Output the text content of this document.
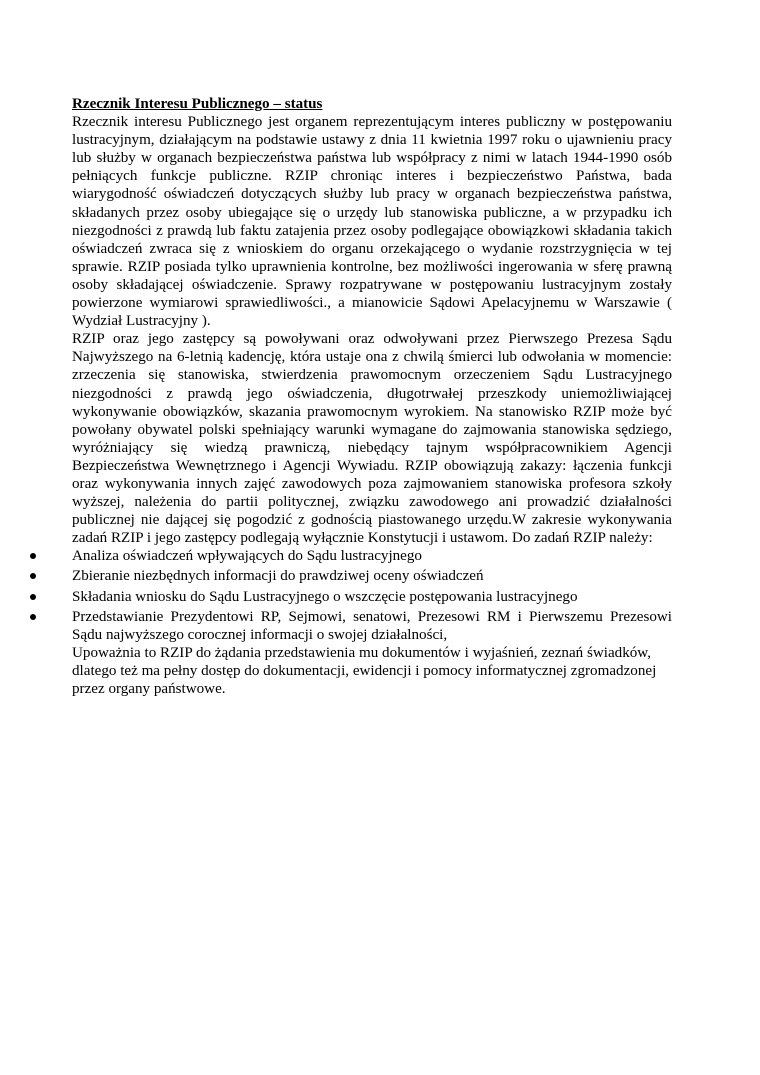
Rzecznik Interesu Publicznego – status

Rzecznik interesu Publicznego jest organem reprezentującym interes publiczny w postępowaniu lustracyjnym, działającym na podstawie ustawy z dnia 11 kwietnia 1997 roku o ujawnieniu pracy lub służby w organach bezpieczeństwa państwa lub współpracy z nimi w latach 1944-1990 osób pełniących funkcje publiczne. RZIP chroniąc interes i bezpieczeństwo Państwa, bada wiarygodność oświadczeń dotyczących służby lub pracy w organach bezpieczeństwa państwa, składanych przez osoby ubiegające się o urzędy lub stanowiska publiczne, a w przypadku ich niezgodności z prawdą lub faktu zatajenia przez osoby podlegające obowiązkowi składania takich oświadczeń zwraca się z wnioskiem do organu orzekającego o wydanie rozstrzygnięcia w tej sprawie. RZIP posiada tylko uprawnienia kontrolne, bez możliwości ingerowania w sferę prawną osoby składającej oświadczenie. Sprawy rozpatrywane w postępowaniu lustracyjnym zostały powierzone wymiarowi sprawiedliwości., a mianowicie Sądowi Apelacyjnemu w Warszawie ( Wydział Lustracyjny ).

RZIP oraz jego zastępcy są powoływani oraz odwoływani przez Pierwszego Prezesa Sądu Najwyższego na 6-letnią kadencję, która ustaje ona z chwilą śmierci lub odwołania w momencie: zrzeczenia się stanowiska, stwierdzenia prawomocnym orzeczeniem Sądu Lustracyjnego niezgodności z prawdą jego oświadczenia, długotrwałej przeszkody uniemożliwiającej wykonywanie obowiązków, skazania prawomocnym wyrokiem. Na stanowisko RZIP może być powołany obywatel polski spełniający warunki wymagane do zajmowania stanowiska sędziego, wyróżniający się wiedzą prawniczą, niebędący tajnym współpracownikiem Agencji Bezpieczeństwa Wewnętrznego i Agencji Wywiadu. RZIP obowiązują zakazy: łączenia funkcji oraz wykonywania innych zajęć zawodowych poza zajmowaniem stanowiska profesora szkoły wyższej, należenia do partii politycznej, związku zawodowego ani prowadzić działalności publicznej nie dającej się pogodzić z godnością piastowanego urzędu.W zakresie wykonywania zadań RZIP i jego zastępcy podlegają wyłącznie Konstytucji i ustawom. Do zadań RZIP należy:

Analiza oświadczeń wpływających do Sądu lustracyjnego
Zbieranie niezbędnych informacji do prawdziwej oceny oświadczeń
Składania wniosku do Sądu Lustracyjnego o wszczęcie postępowania lustracyjnego
Przedstawianie Prezydentowi RP, Sejmowi, senatowi, Prezesowi RM i Pierwszemu Prezesowi Sądu najwyższego corocznej informacji o swojej działalności,
Upoważnia to RZIP do żądania przedstawienia mu dokumentów i wyjaśnień, zeznań świadków, dlatego też ma pełny dostęp do dokumentacji, ewidencji i pomocy informatycznej zgromadzonej przez organy państwowe.
